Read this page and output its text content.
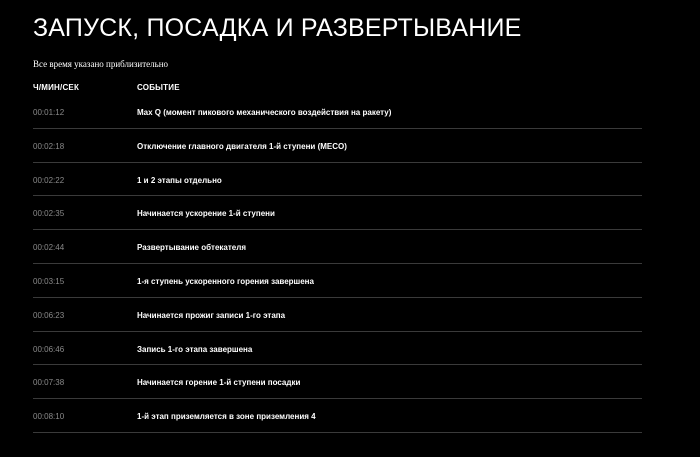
ЗАПУСК, ПОСАДКА И РАЗВЕРТЫВАНИЕ
Все время указано приблизительно
Ч/МИН/СЕК	СОБЫТИЕ
00:01:12	Max Q (момент пикового механического воздействия на ракету)
00:02:18	Отключение главного двигателя 1-й ступени (MECO)
00:02:22	1 и 2 этапы отдельно
00:02:35	Начинается ускорение 1-й ступени
00:02:44	Развертывание обтекателя
00:03:15	1-я ступень ускоренного горения завершена
00:06:23	Начинается прожиг записи 1-го этапа
00:06:46	Запись 1-го этапа завершена
00:07:38	Начинается горение 1-й ступени посадки
00:08:10	1-й этап приземляется в зоне приземления 4
